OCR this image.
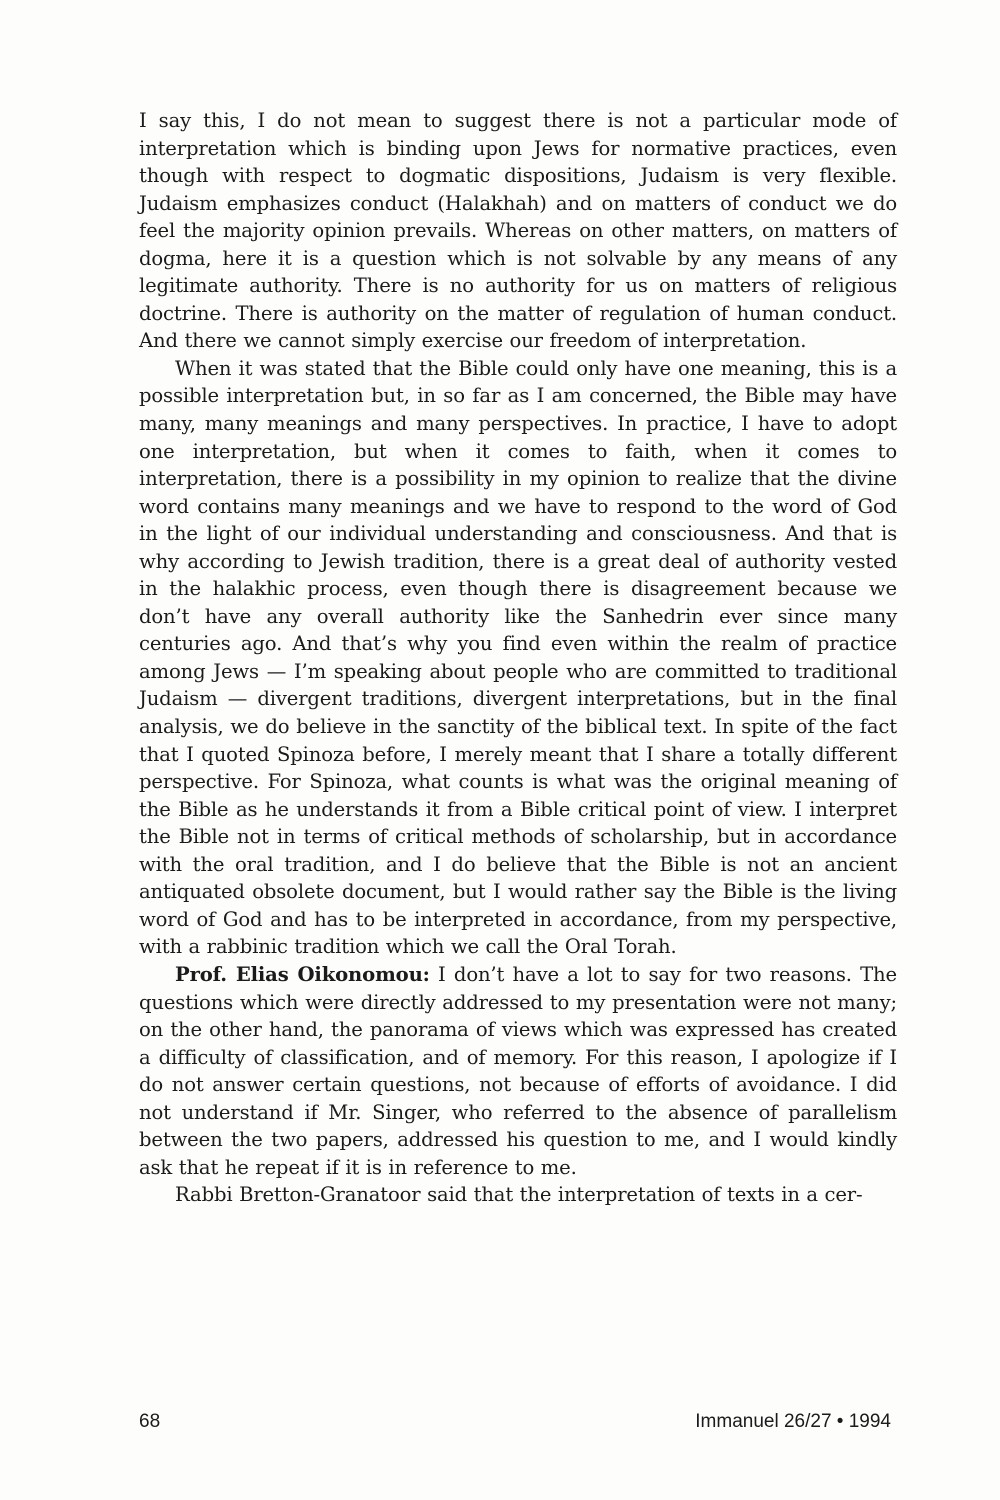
I say this, I do not mean to suggest there is not a particular mode of interpretation which is binding upon Jews for normative practices, even though with respect to dogmatic dispositions, Judaism is very flexible. Judaism emphasizes conduct (Halakhah) and on matters of conduct we do feel the majority opinion prevails. Whereas on other matters, on matters of dogma, here it is a question which is not solvable by any means of any legitimate authority. There is no authority for us on matters of religious doctrine. There is authority on the matter of regulation of human conduct. And there we cannot simply exercise our freedom of interpretation.

When it was stated that the Bible could only have one meaning, this is a possible interpretation but, in so far as I am concerned, the Bible may have many, many meanings and many perspectives. In practice, I have to adopt one interpretation, but when it comes to faith, when it comes to interpretation, there is a possibility in my opinion to realize that the divine word contains many meanings and we have to respond to the word of God in the light of our individual understanding and consciousness. And that is why according to Jewish tradition, there is a great deal of authority vested in the halakhic process, even though there is disagreement because we don’t have any overall authority like the Sanhedrin ever since many centuries ago. And that’s why you find even within the realm of practice among Jews — I’m speaking about people who are committed to traditional Judaism — divergent traditions, divergent interpretations, but in the final analysis, we do believe in the sanctity of the biblical text. In spite of the fact that I quoted Spinoza before, I merely meant that I share a totally different perspective. For Spinoza, what counts is what was the original meaning of the Bible as he understands it from a Bible critical point of view. I interpret the Bible not in terms of critical methods of scholarship, but in accordance with the oral tradition, and I do believe that the Bible is not an ancient antiquated obsolete document, but I would rather say the Bible is the living word of God and has to be interpreted in accordance, from my perspective, with a rabbinic tradition which we call the Oral Torah.

Prof. Elias Oikonomou: I don’t have a lot to say for two reasons. The questions which were directly addressed to my presentation were not many; on the other hand, the panorama of views which was expressed has created a difficulty of classification, and of memory. For this reason, I apologize if I do not answer certain questions, not because of efforts of avoidance. I did not understand if Mr. Singer, who referred to the absence of parallelism between the two papers, addressed his question to me, and I would kindly ask that he repeat if it is in reference to me.

Rabbi Bretton-Granatoor said that the interpretation of texts in a cer-

68	Immanuel 26/27 • 1994
